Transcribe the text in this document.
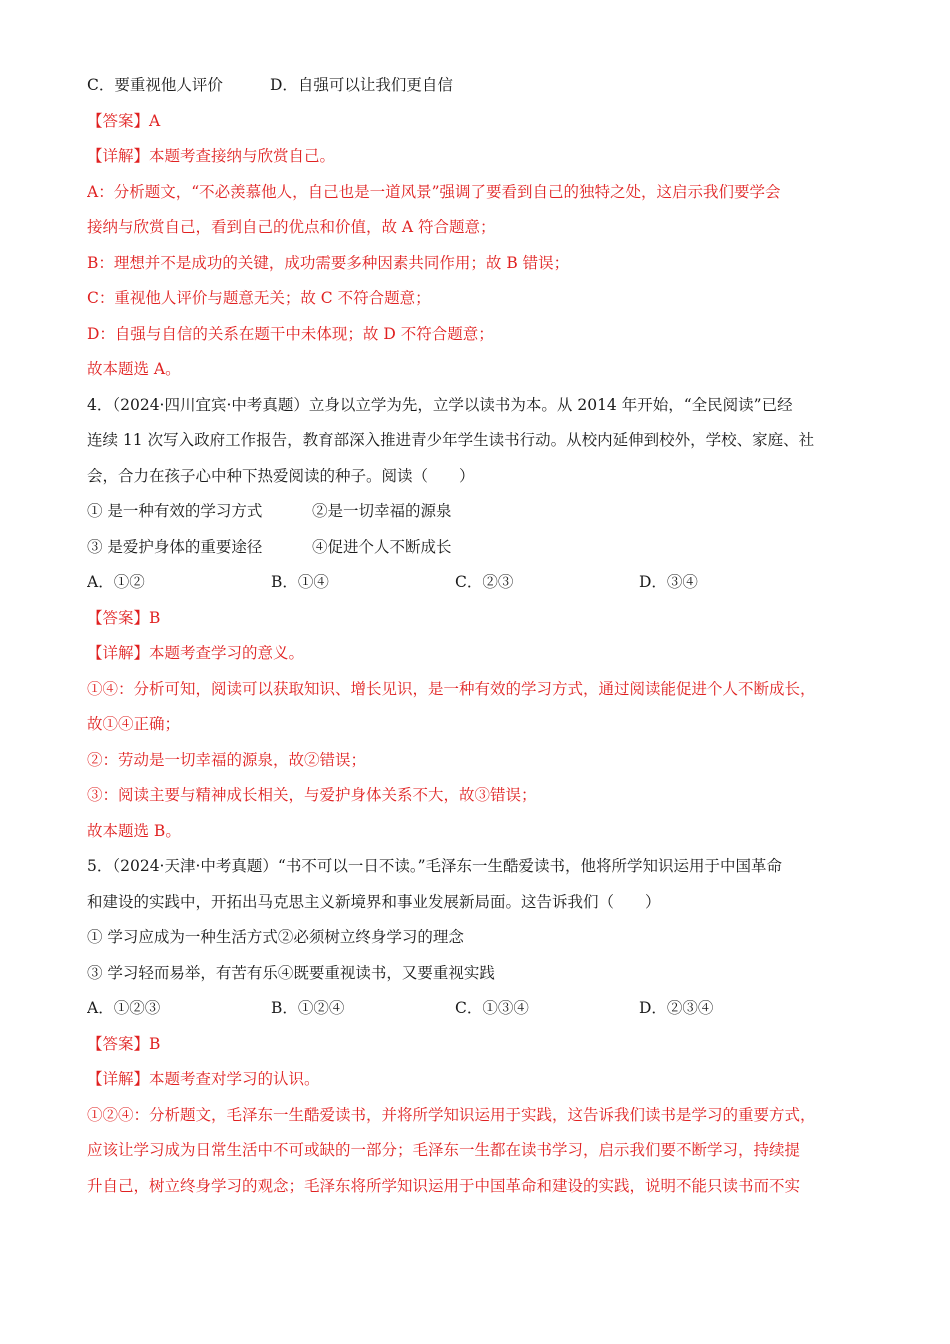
C．要重视他人评价	D．自强可以让我们更自信
【答案】A
【详解】本题考查接纳与欣赏自己。
A：分析题文，“不必羡慕他人，自己也是一道风景”强调了要看到自己的独特之处，这启示我们要学会
接纳与欣赏自己，看到自己的优点和价值，故 A 符合题意；
B：理想并不是成功的关键，成功需要多种因素共同作用；故 B 错误；
C：重视他人评价与题意无关；故 C 不符合题意；
D：自强与自信的关系在题干中未体现；故 D 不符合题意；
故本题选 A。
4．（2024·四川宜宾·中考真题）立身以立学为先，立学以读书为本。从 2014 年开始，“全民阅读”已经
连续 11 次写入政府工作报告，教育部深入推进青少年学生读书行动。从校内延伸到校外，学校、家庭、社
会，合力在孩子心中种下热爱阅读的种子。阅读（　　）
① 是一种有效的学习方式	②是一切幸福的源泉
③ 是爱护身体的重要途径	④促进个人不断成长
A．①②	B．①④	C．②③	D．③④
【答案】B
【详解】本题考查学习的意义。
①④：分析可知，阅读可以获取知识、增长见识，是一种有效的学习方式，通过阅读能促进个人不断成长，
故①④正确；
②：劳动是一切幸福的源泉，故②错误；
③：阅读主要与精神成长相关，与爱护身体关系不大，故③错误；
故本题选 B。
5．（2024·天津·中考真题）“书不可以一日不读。”毛泽东一生酷爱读书，他将所学知识运用于中国革命
和建设的实践中，开拓出马克思主义新境界和事业发展新局面。这告诉我们（　　）
① 学习应成为一种生活方式②必须树立终身学习的理念
③ 学习轻而易举，有苦有乐④既要重视读书，又要重视实践
A．①②③	B．①②④	C．①③④	D．②③④
【答案】B
【详解】本题考查对学习的认识。
①②④：分析题文，毛泽东一生酷爱读书，并将所学知识运用于实践，这告诉我们读书是学习的重要方式，
应该让学习成为日常生活中不可或缺的一部分；毛泽东一生都在读书学习，启示我们要不断学习，持续提
升自己，树立终身学习的观念；毛泽东将所学知识运用于中国革命和建设的实践，说明不能只读书而不实
